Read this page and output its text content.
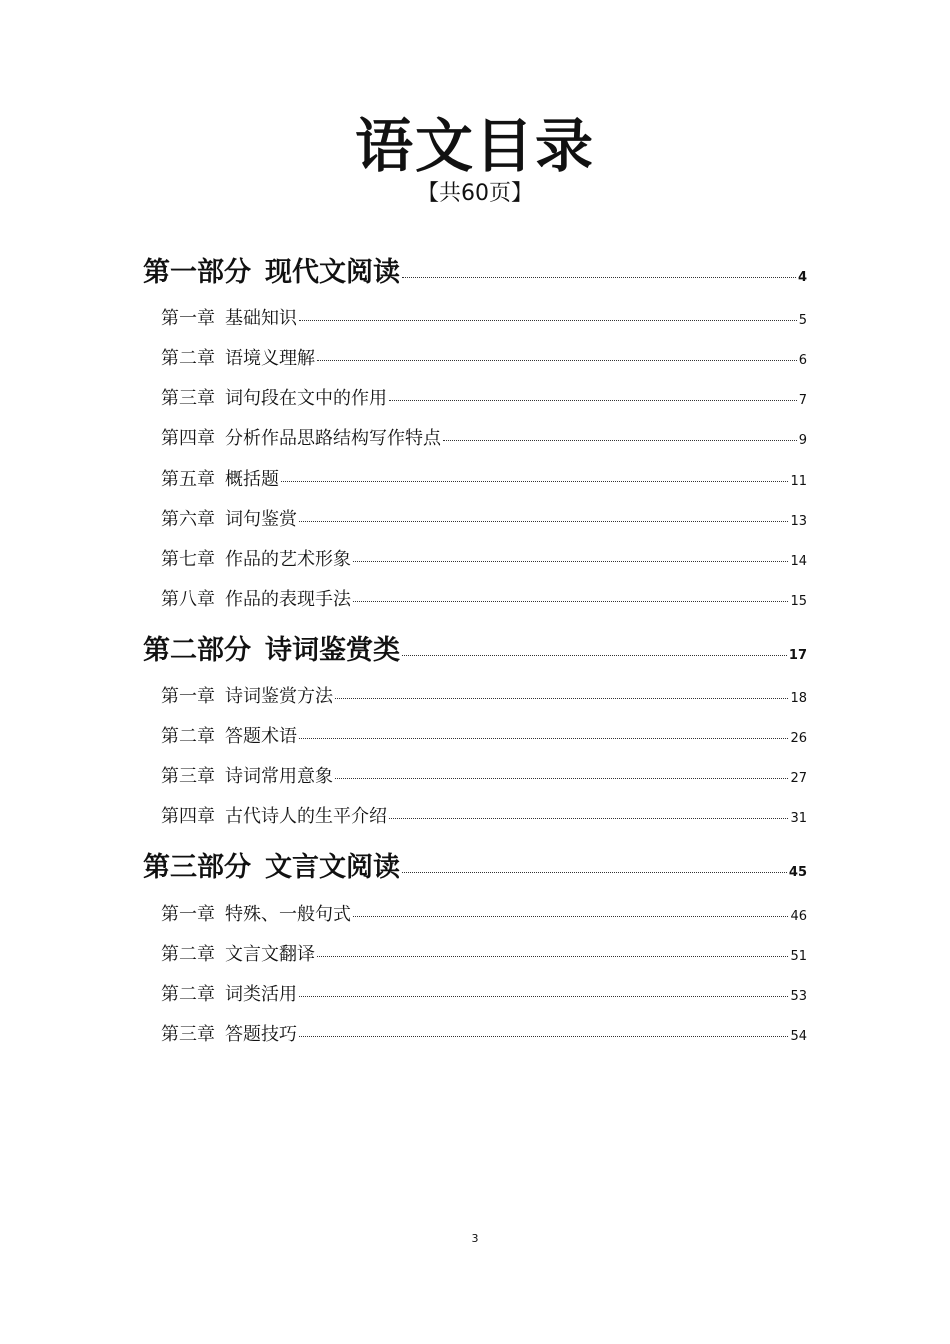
语文目录
【共60页】
第一部分 现代文阅读	4
第一章 基础知识	5
第二章 语境义理解	6
第三章 词句段在文中的作用	7
第四章 分析作品思路结构写作特点	9
第五章 概括题	11
第六章 词句鉴赏	13
第七章 作品的艺术形象	14
第八章 作品的表现手法	15
第二部分 诗词鉴赏类	17
第一章 诗词鉴赏方法	18
第二章 答题术语	26
第三章 诗词常用意象	27
第四章 古代诗人的生平介绍	31
第三部分 文言文阅读	45
第一章 特殊、一般句式	46
第二章 文言文翻译	51
第二章 词类活用	53
第三章 答题技巧	54
3
